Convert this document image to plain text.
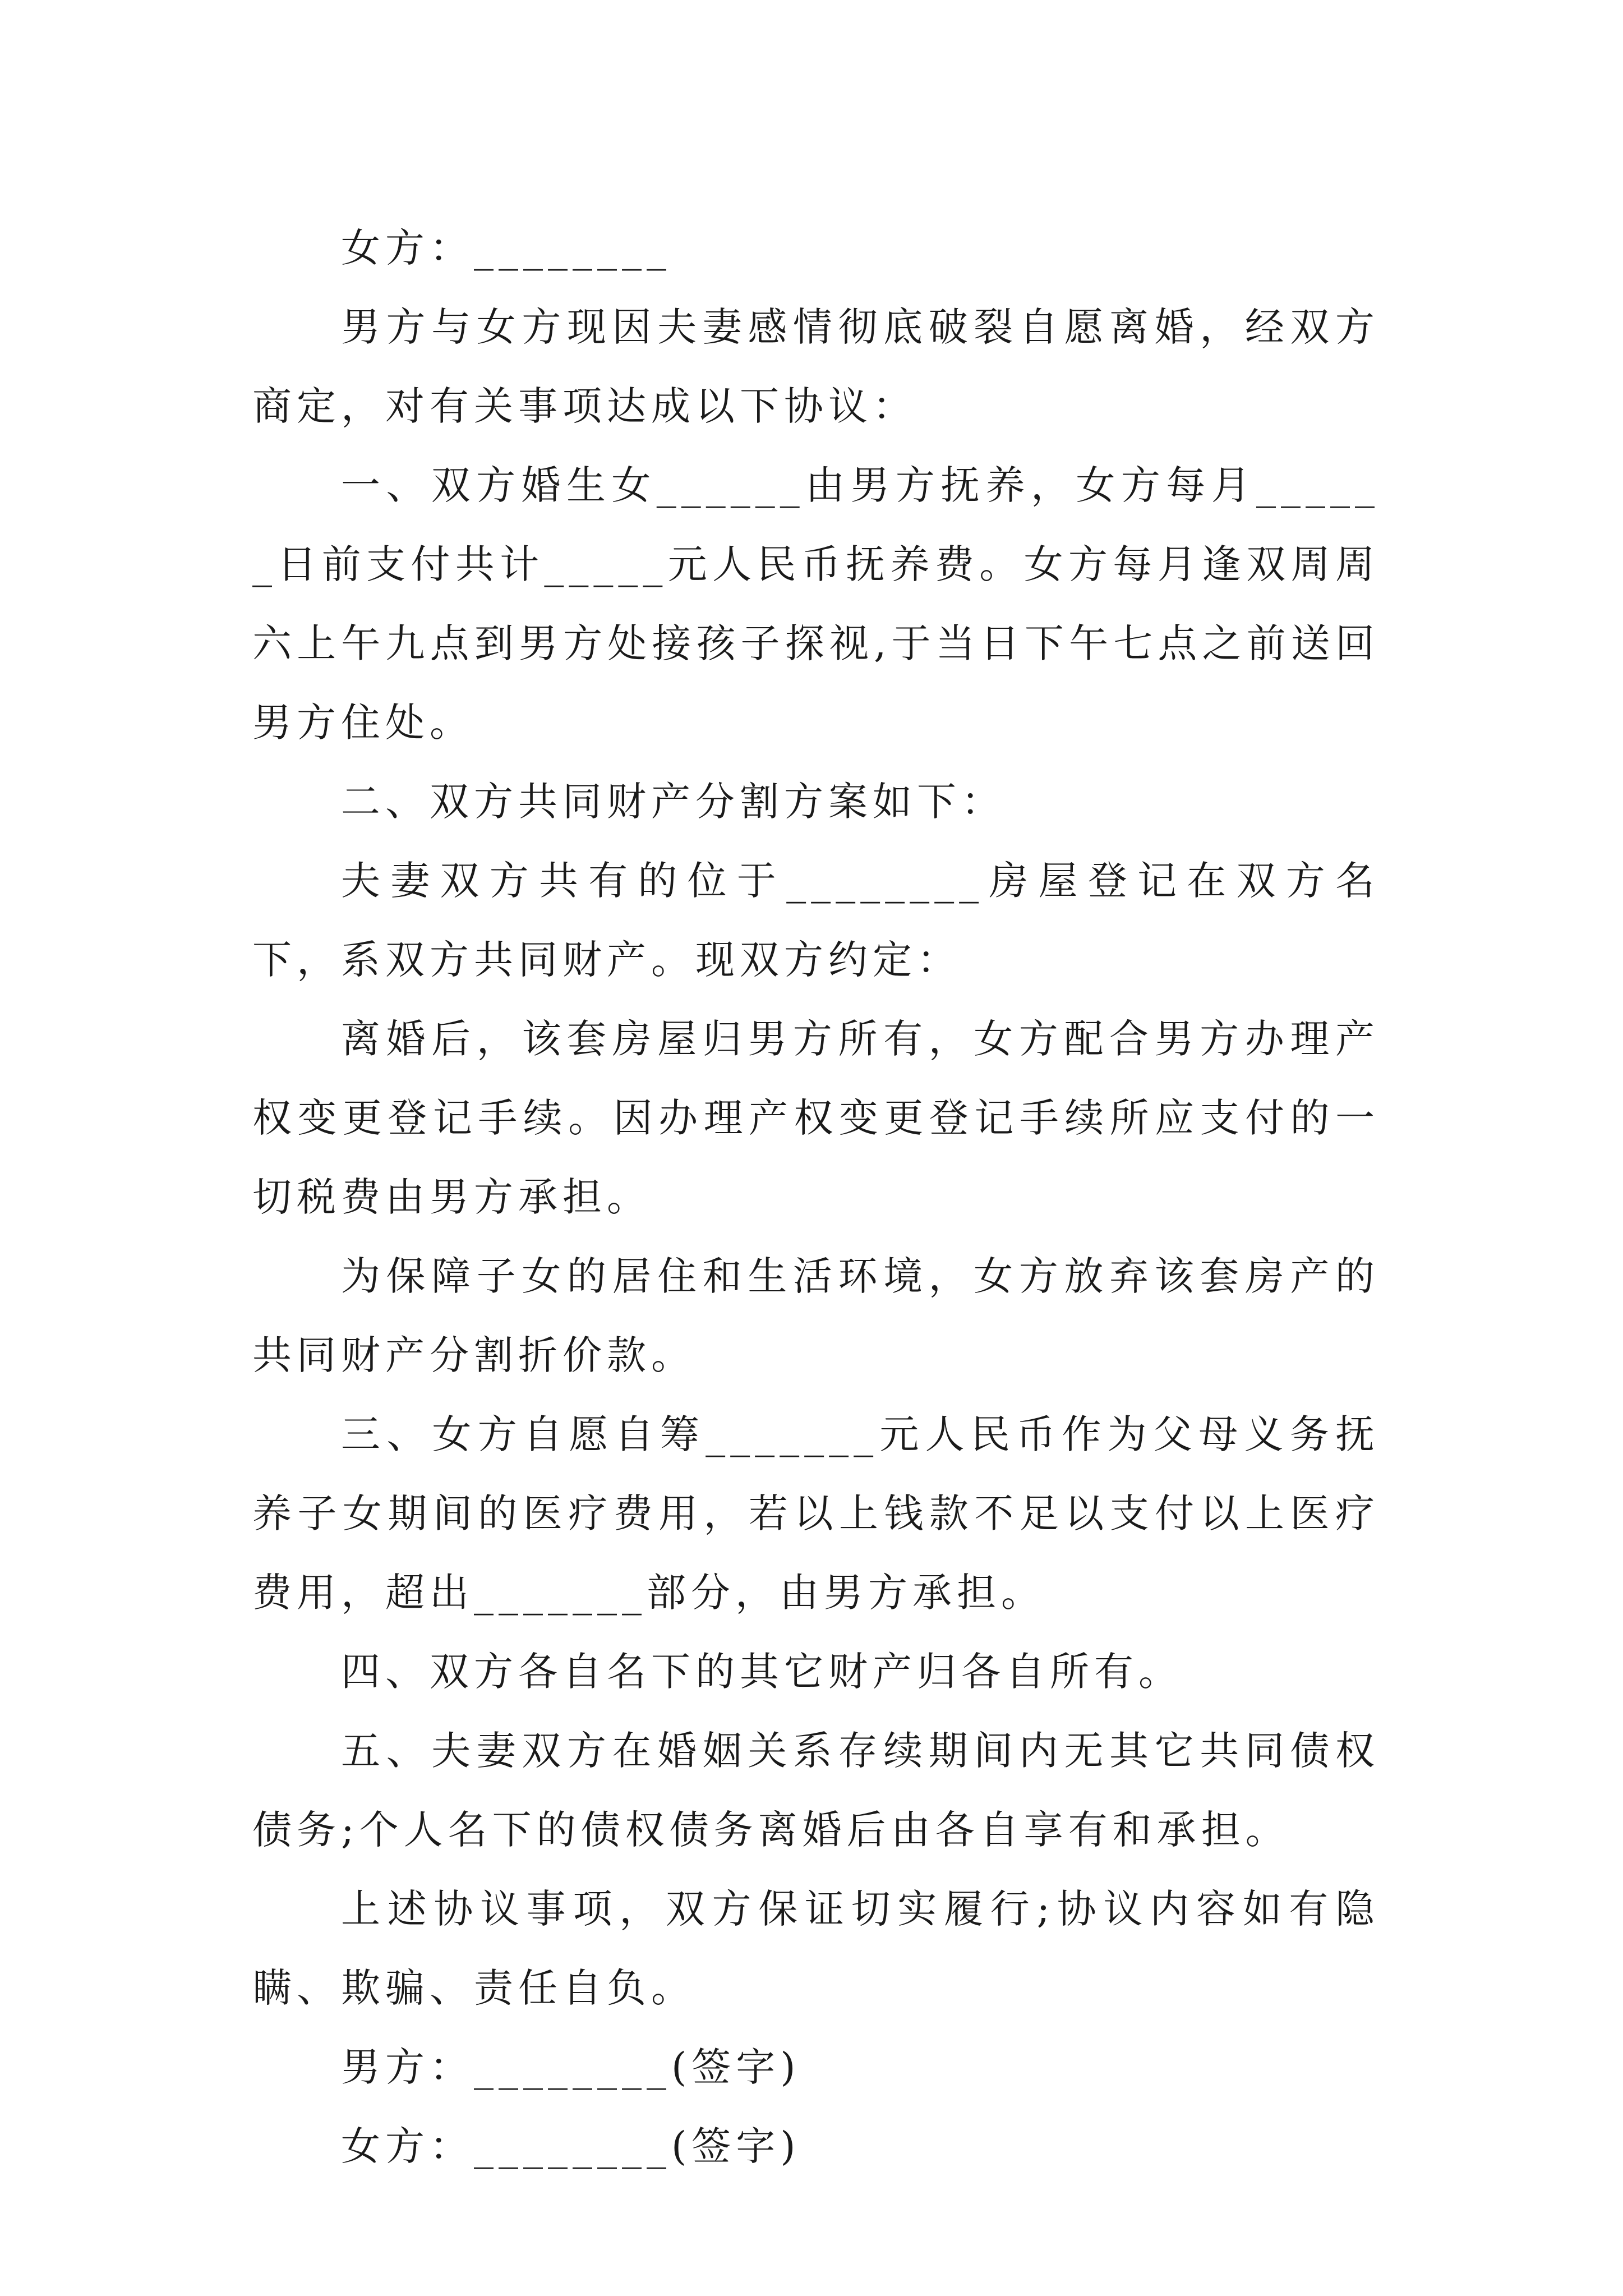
女方：________

男方与女方现因夫妻感情彻底破裂自愿离婚，经双方商定，对有关事项达成以下协议：

一、双方婚生女______由男方抚养，女方每月______日前支付共计_____元人民币抚养费。女方每月逢双周周六上午九点到男方处接孩子探视,于当日下午七点之前送回男方住处。

二、双方共同财产分割方案如下：

夫妻双方共有的位于________房屋登记在双方名下，系双方共同财产。现双方约定：

离婚后，该套房屋归男方所有，女方配合男方办理产权变更登记手续。因办理产权变更登记手续所应支付的一切税费由男方承担。

为保障子女的居住和生活环境，女方放弃该套房产的共同财产分割折价款。

三、女方自愿自筹_______元人民币作为父母义务抚养子女期间的医疗费用，若以上钱款不足以支付以上医疗费用，超出_______部分，由男方承担。

四、双方各自名下的其它财产归各自所有。

五、夫妻双方在婚姻关系存续期间内无其它共同债权债务;个人名下的债权债务离婚后由各自享有和承担。

上述协议事项，双方保证切实履行;协议内容如有隐瞒、欺骗、责任自负。

男方：________(签字)

女方：________(签字)
